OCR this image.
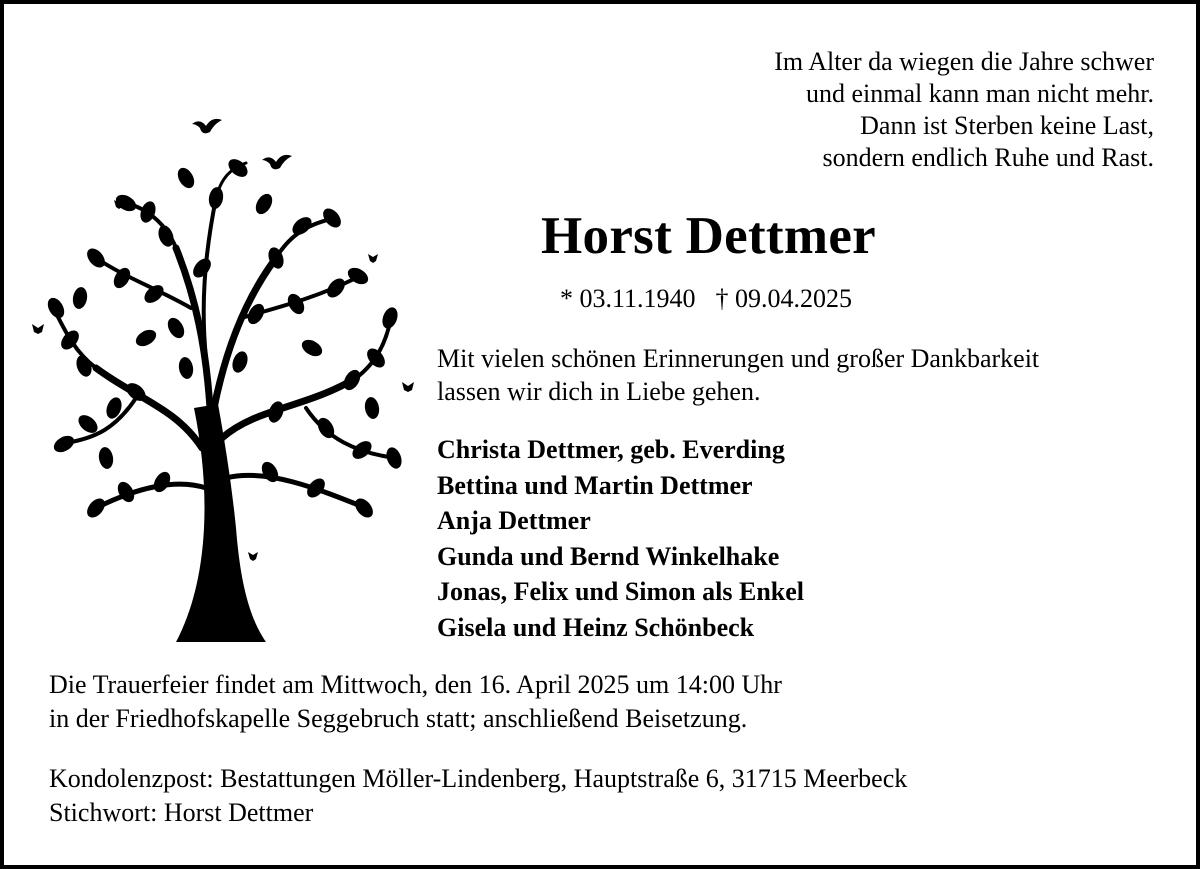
Im Alter da wiegen die Jahre schwer
und einmal kann man nicht mehr.
Dann ist Sterben keine Last,
sondern endlich Ruhe und Rast.
Horst Dettmer
* 03.11.1940 † 09.04.2025
Mit vielen schönen Erinnerungen und großer Dankbarkeit
lassen wir dich in Liebe gehen.
Christa Dettmer, geb. Everding
Bettina und Martin Dettmer
Anja Dettmer
Gunda und Bernd Winkelhake
Jonas, Felix und Simon als Enkel
Gisela und Heinz Schönbeck
Die Trauerfeier findet am Mittwoch, den 16. April 2025 um 14:00 Uhr
in der Friedhofskapelle Seggebruch statt; anschließend Beisetzung.
Kondolenzpost: Bestattungen Möller-Lindenberg, Hauptstraße 6, 31715 Meerbeck
Stichwort: Horst Dettmer
